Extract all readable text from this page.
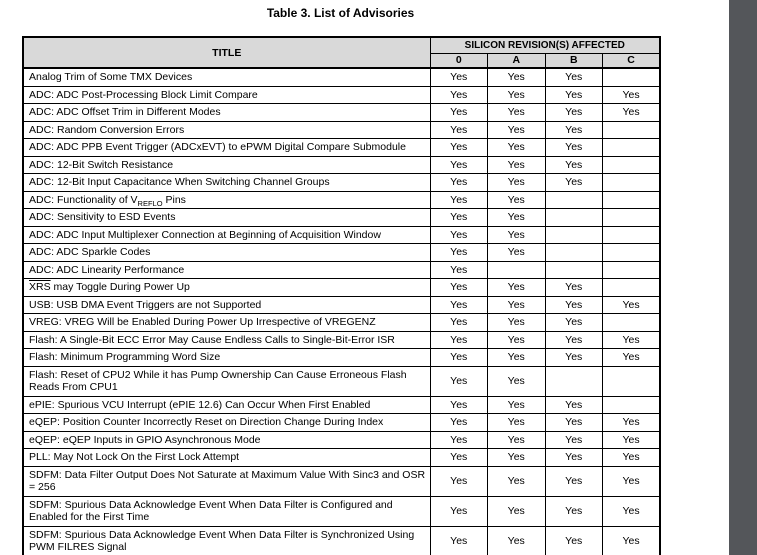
Table 3. List of Advisories
TITLE	SILICON REVISION(S) AFFECTED			
	0	A	B	C
Analog Trim of Some TMX Devices	Yes	Yes	Yes	
ADC: ADC Post-Processing Block Limit Compare	Yes	Yes	Yes	Yes
ADC: ADC Offset Trim in Different Modes	Yes	Yes	Yes	Yes
ADC: Random Conversion Errors	Yes	Yes	Yes	
ADC: ADC PPB Event Trigger (ADCxEVT) to ePWM Digital Compare Submodule	Yes	Yes	Yes	
ADC: 12-Bit Switch Resistance	Yes	Yes	Yes	
ADC: 12-Bit Input Capacitance When Switching Channel Groups	Yes	Yes	Yes	
ADC: Functionality of $V_{REFLO}$ Pins	Yes	Yes		
ADC: Sensitivity to ESD Events	Yes	Yes		
ADC: ADC Input Multiplexer Connection at Beginning of Acquisition Window	Yes	Yes		
ADC: ADC Sparkle Codes	Yes	Yes		
ADC: ADC Linearity Performance	Yes			
$\overline{XRS}$ may Toggle During Power Up	Yes	Yes	Yes	
USB: USB DMA Event Triggers are not Supported	Yes	Yes	Yes	Yes
VREG: VREG Will be Enabled During Power Up Irrespective of VREGENZ	Yes	Yes	Yes	
Flash: A Single-Bit ECC Error May Cause Endless Calls to Single-Bit-Error ISR	Yes	Yes	Yes	Yes
Flash: Minimum Programming Word Size	Yes	Yes	Yes	Yes
Flash: Reset of CPU2 While it has Pump Ownership Can Cause Erroneous Flash Reads From CPU1	Yes	Yes		
ePIE: Spurious VCU Interrupt (ePIE 12.6) Can Occur When First Enabled	Yes	Yes	Yes	
eQEP: Position Counter Incorrectly Reset on Direction Change During Index	Yes	Yes	Yes	Yes
eQEP: eQEP Inputs in GPIO Asynchronous Mode	Yes	Yes	Yes	Yes
PLL: May Not Lock On the First Lock Attempt	Yes	Yes	Yes	Yes
SDFM: Data Filter Output Does Not Saturate at Maximum Value With Sinc3 and OSR = 256	Yes	Yes	Yes	Yes
SDFM: Spurious Data Acknowledge Event When Data Filter is Configured and Enabled for the First Time	Yes	Yes	Yes	Yes
SDFM: Spurious Data Acknowledge Event When Data Filter is Synchronized Using PWM FILRES Signal	Yes	Yes	Yes	Yes
